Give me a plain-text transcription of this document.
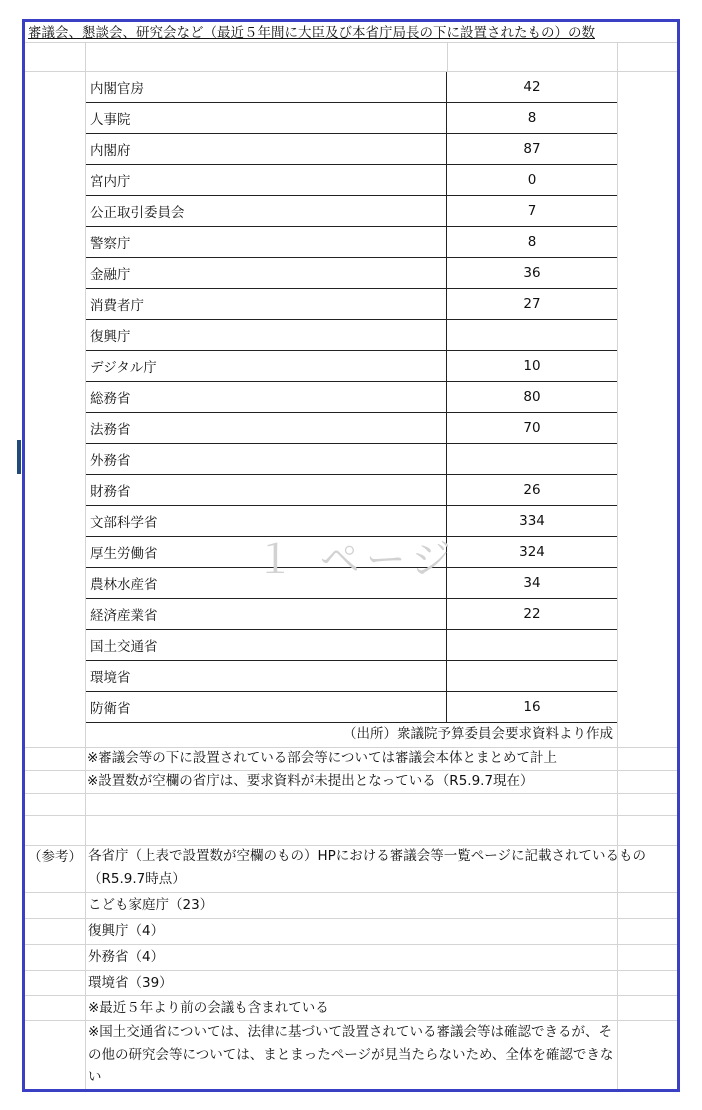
審議会、懇談会、研究会など（最近５年間に大臣及び本省庁局長の下に設置されたもの）の数
内閣官房	42
人事院	8
内閣府	87
宮内庁	0
公正取引委員会	7
警察庁	8
金融庁	36
消費者庁	27
復興庁	
デジタル庁	10
総務省	80
法務省	70
外務省	
財務省	26
文部科学省	334
厚生労働省	324
農林水産省	34
経済産業省	22
国土交通省	
環境省	
防衛省	16
（出所）衆議院予算委員会要求資料より作成
※審議会等の下に設置されている部会等については審議会本体とまとめて計上
※設置数が空欄の省庁は、要求資料が未提出となっている（R5.9.7現在）
（参考） 各省庁（上表で設置数が空欄のもの）HPにおける審議会等一覧ページに記載されているもの（R5.9.7時点）
こども家庭庁（23）
復興庁（4）
外務省（4）
環境省（39）
※最近５年より前の会議も含まれている
※国土交通省については、法律に基づいて設置されている審議会等は確認できるが、その他の研究会等については、まとまったページが見当たらないため、全体を確認できない
１ ページ
